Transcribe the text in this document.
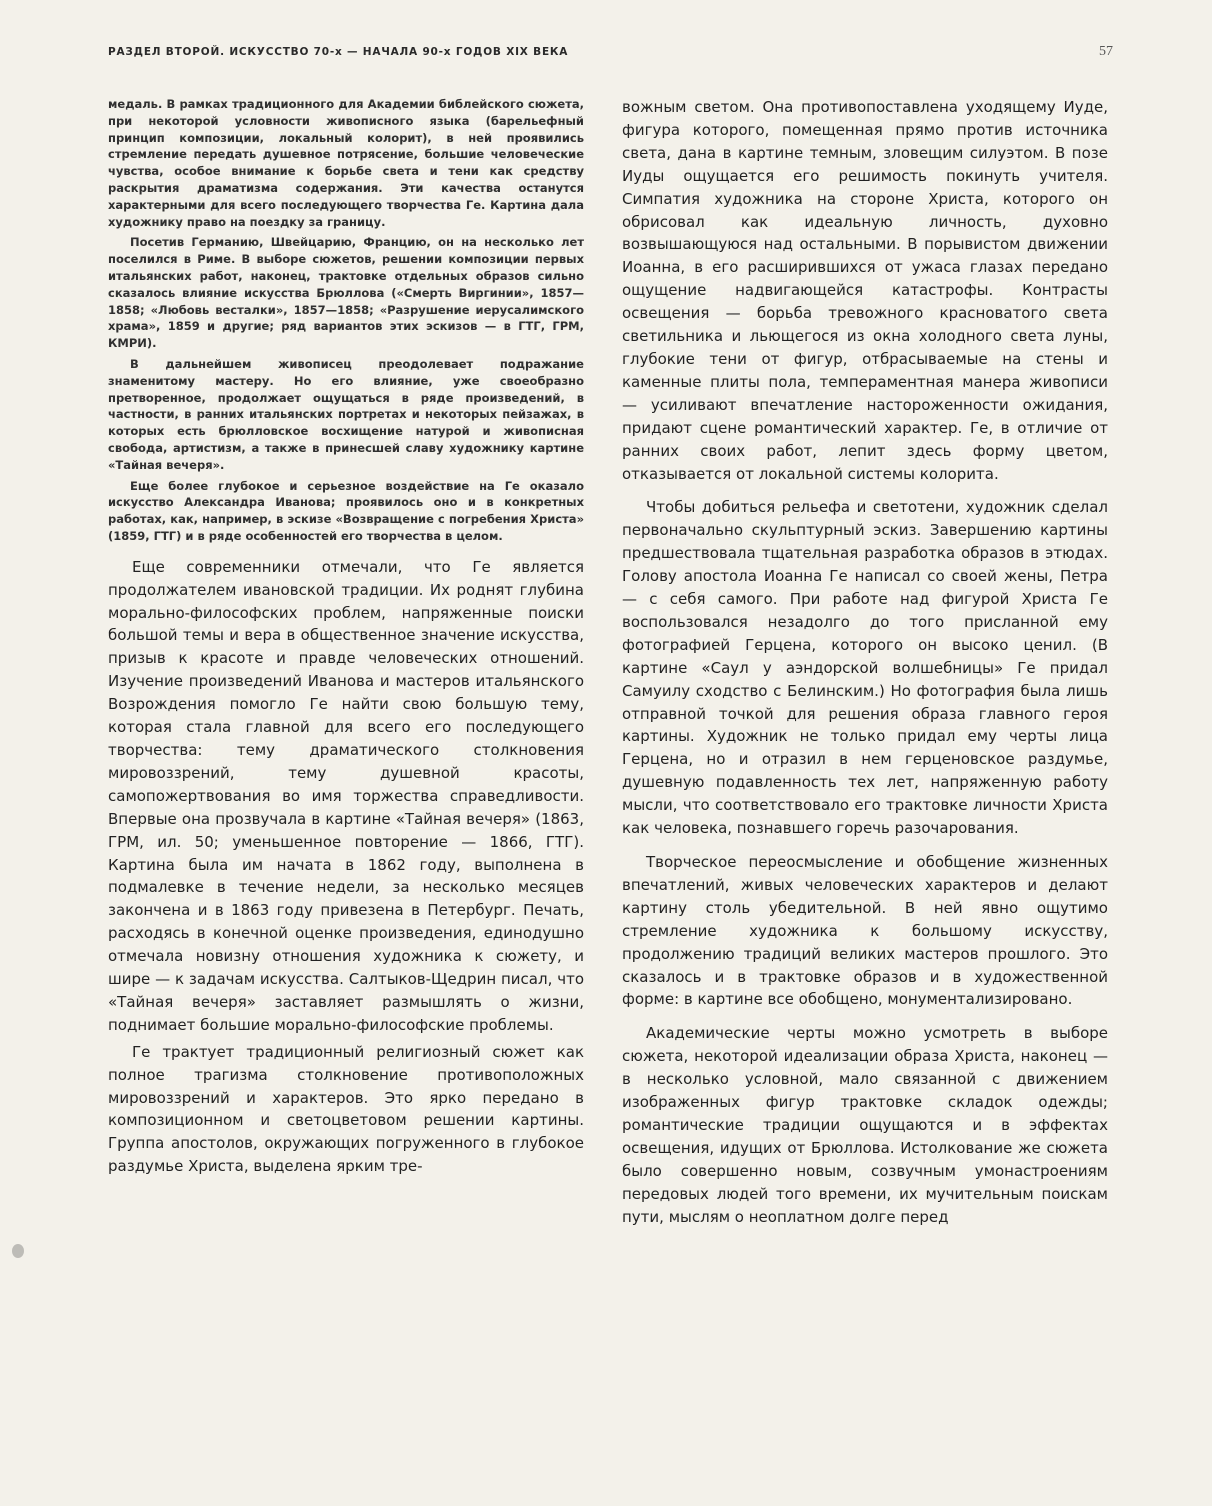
РАЗДЕЛ ВТОРОЙ. ИСКУССТВО 70-х — НАЧАЛА 90-х ГОДОВ XIX ВЕКА	57

медаль. В рамках традиционного для Академии библейского сюжета, при некоторой условности живописного языка (барельефный принцип композиции, локальный колорит), в ней проявились стремление передать душевное потрясение, большие человеческие чувства, особое внимание к борьбе света и тени как средству раскрытия драматизма содержания. Эти качества останутся характерными для всего последующего творчества Ге. Картина дала художнику право на поездку за границу.

Посетив Германию, Швейцарию, Францию, он на несколько лет поселился в Риме. В выборе сюжетов, решении композиции первых итальянских работ, наконец, трактовке отдельных образов сильно сказалось влияние искусства Брюллова («Смерть Виргинии», 1857—1858; «Любовь весталки», 1857—1858; «Разрушение иерусалимского храма», 1859 и другие; ряд вариантов этих эскизов — в ГТГ, ГРМ, КМРИ).

В дальнейшем живописец преодолевает подражание знаменитому мастеру. Но его влияние, уже своеобразно претворенное, продолжает ощущаться в ряде произведений, в частности, в ранних итальянских портретах и некоторых пейзажах, в которых есть брюлловское восхищение натурой и живописная свобода, артистизм, а также в принесшей славу художнику картине «Тайная вечеря».

Еще более глубокое и серьезное воздействие на Ге оказало искусство Александра Иванова; проявилось оно и в конкретных работах, как, например, в эскизе «Возвращение с погребения Христа» (1859, ГТГ) и в ряде особенностей его творчества в целом.

Еще современники отмечали, что Ге является продолжателем ивановской традиции. Их роднят глубина морально-философских проблем, напряженные поиски большой темы и вера в общественное значение искусства, призыв к красоте и правде человеческих отношений. Изучение произведений Иванова и мастеров итальянского Возрождения помогло Ге найти свою большую тему, которая стала главной для всего его последующего творчества: тему драматического столкновения мировоззрений, тему душевной красоты, самопожертвования во имя торжества справедливости. Впервые она прозвучала в картине «Тайная вечеря» (1863, ГРМ, ил. 50; уменьшенное повторение — 1866, ГТГ). Картина была им начата в 1862 году, выполнена в подмалевке в течение недели, за несколько месяцев закончена и в 1863 году привезена в Петербург. Печать, расходясь в конечной оценке произведения, единодушно отмечала новизну отношения художника к сюжету, и шире — к задачам искусства. Салтыков-Щедрин писал, что «Тайная вечеря» заставляет размышлять о жизни, поднимает большие морально-философские проблемы.

Ге трактует традиционный религиозный сюжет как полное трагизма столкновение противоположных мировоззрений и характеров. Это ярко передано в композиционном и светоцветовом решении картины. Группа апостолов, окружающих погруженного в глубокое раздумье Христа, выделена ярким тре-

вожным светом. Она противопоставлена уходящему Иуде, фигура которого, помещенная прямо против источника света, дана в картине темным, зловещим силуэтом. В позе Иуды ощущается его решимость покинуть учителя. Симпатия художника на стороне Христа, которого он обрисовал как идеальную личность, духовно возвышающуюся над остальными. В порывистом движении Иоанна, в его расширившихся от ужаса глазах передано ощущение надвигающейся катастрофы. Контрасты освещения — борьба тревожного красноватого света светильника и льющегося из окна холодного света луны, глубокие тени от фигур, отбрасываемые на стены и каменные плиты пола, темпераментная манера живописи — усиливают впечатление настороженности ожидания, придают сцене романтический характер. Ге, в отличие от ранних своих работ, лепит здесь форму цветом, отказывается от локальной системы колорита.

Чтобы добиться рельефа и светотени, художник сделал первоначально скульптурный эскиз. Завершению картины предшествовала тщательная разработка образов в этюдах. Голову апостола Иоанна Ге написал со своей жены, Петра — с себя самого. При работе над фигурой Христа Ге воспользовался незадолго до того присланной ему фотографией Герцена, которого он высоко ценил. (В картине «Саул у аэндорской волшебницы» Ге придал Самуилу сходство с Белинским.) Но фотография была лишь отправной точкой для решения образа главного героя картины. Художник не только придал ему черты лица Герцена, но и отразил в нем герценовское раздумье, душевную подавленность тех лет, напряженную работу мысли, что соответствовало его трактовке личности Христа как человека, познавшего горечь разочарования.

Творческое переосмысление и обобщение жизненных впечатлений, живых человеческих характеров и делают картину столь убедительной. В ней явно ощутимо стремление художника к большому искусству, продолжению традиций великих мастеров прошлого. Это сказалось и в трактовке образов и в художественной форме: в картине все обобщено, монументализировано.

Академические черты можно усмотреть в выборе сюжета, некоторой идеализации образа Христа, наконец — в несколько условной, мало связанной с движением изображенных фигур трактовке складок одежды; романтические традиции ощущаются и в эффектах освещения, идущих от Брюллова. Истолкование же сюжета было совершенно новым, созвучным умонастроениям передовых людей того времени, их мучительным поискам пути, мыслям о неоплатном долге перед
